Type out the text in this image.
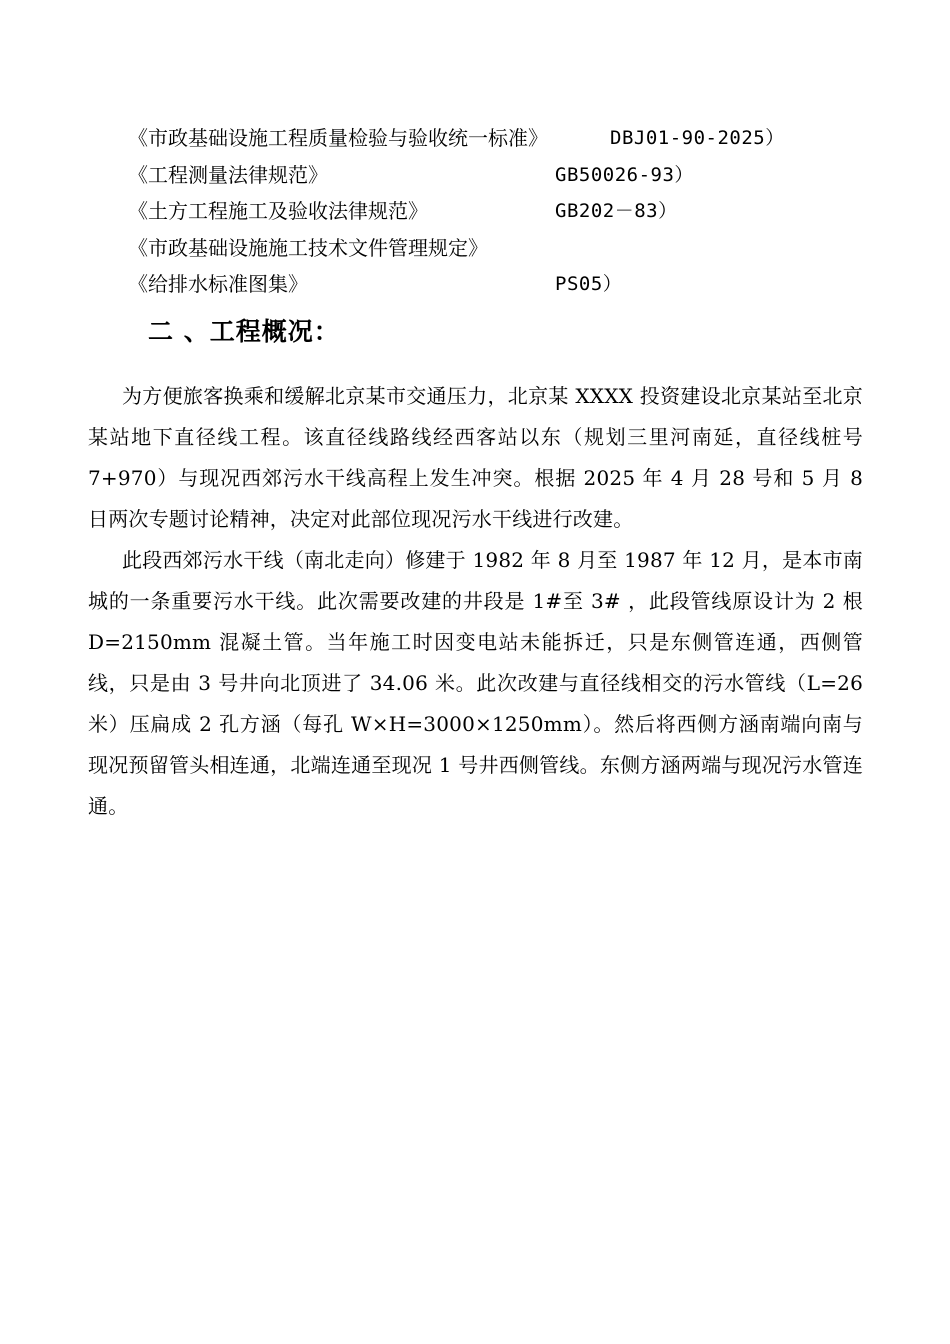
《市政基础设施工程质量检验与验收统一标准》	DBJ01-90-2025）
《工程测量法律规范》	GB50026-93）
《土方工程施工及验收法律规范》	GB202－83）
《市政基础设施施工技术文件管理规定》
《给排水标准图集》	PS05）
二 、工程概况：

为方便旅客换乘和缓解北京某市交通压力，北京某 XXXX 投资建设北京某站至北京某站地下直径线工程。该直径线路线经西客站以东（规划三里河南延，直径线桩号 7+970）与现况西郊污水干线高程上发生冲突。根据 2025 年 4 月 28 号和 5 月 8 日两次专题讨论精神，决定对此部位现况污水干线进行改建。

此段西郊污水干线（南北走向）修建于 1982 年 8 月至 1987 年 12 月，是本市南城的一条重要污水干线。此次需要改建的井段是 1#至 3# ，此段管线原设计为 2 根 D=2150mm 混凝土管。当年施工时因变电站未能拆迁，只是东侧管连通，西侧管线，只是由 3 号井向北顶进了 34.06 米。此次改建与直径线相交的污水管线（L=26 米）压扁成 2 孔方涵（每孔 W×H=3000×1250mm）。然后将西侧方涵南端向南与现况预留管头相连通，北端连通至现况 1 号井西侧管线。东侧方涵两端与现况污水管连通。
